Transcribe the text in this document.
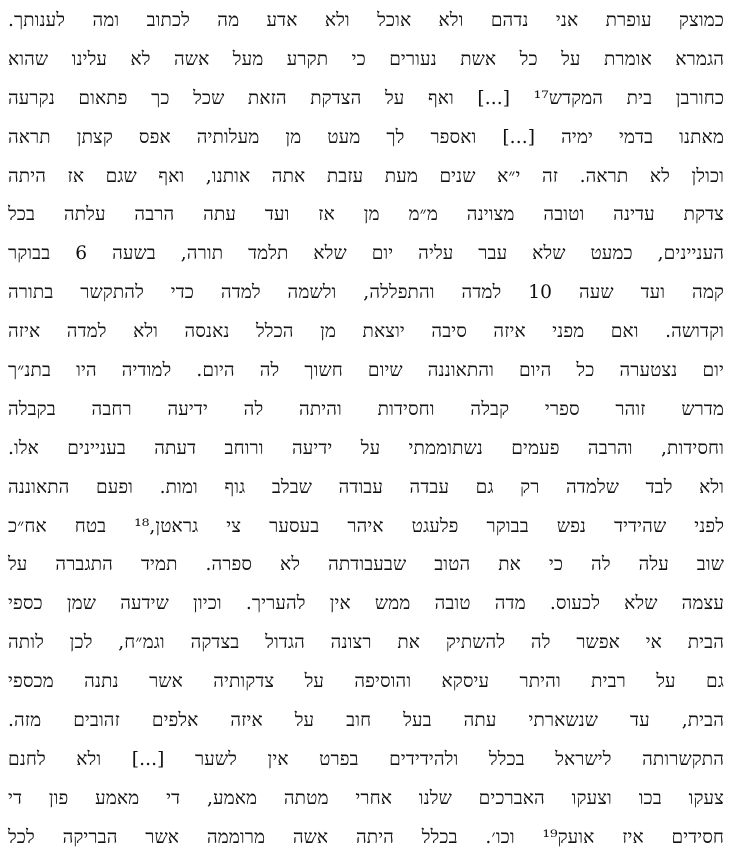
כמוצק עופרת אני נדהם ולא אוכל ולא אדע מה לכתוב ומה לענותך.
הגמרא אומרת על כל אשת נעורים כי תקרע מעל אשה לא עלינו שהוא
כחורבן בית המקדש¹⁷ [...] ואף על הצדקת הזאת שכל כך פתאום נקרעה
מאתנו בדמי ימיה [...] ואספר לך מעט מן מעלותיה אפס קצתן תראה
וכולן לא תראה. זה י״א שנים מעת עזבת אתה אותנו, ואף שגם אז היתה
צדקת עדינה וטובה מצוינה מ״מ מן אז ועד עתה הרבה עלתה בכל
העניינים, כמעט שלא עבר עליה יום שלא תלמד תורה, בשעה 6 בבוקר
קמה ועד שעה 10 למדה והתפללה, ולשמה למדה כדי להתקשר בתורה
וקדושה. ואם מפני איזה סיבה יוצאת מן הכלל נאנסה ולא למדה איזה
יום נצטערה כל היום והתאוננה שיום חשוך לה היום. למודיה היו בתנ״ך
מדרש זוהר ספרי קבלה וחסידות והיתה לה ידיעה רחבה בקבלה
וחסידות, והרבה פעמים נשתוממתי על ידיעה ורוחב דעתה בעניינים אלו.
ולא לבד שלמדה רק גם עבדה עבודה שבלב גוף ומות. ופעם התאוננה
לפני שהידיד נפש בבוקר פלעגט איהר בעסער צי גראטן,¹⁸ בטח אח״כ
שוב עלה לה כי את הטוב שבעבודתה לא ספרה. תמיד התגברה על
עצמה שלא לכעוס. מדה טובה ממש אין להעריך. וכיון שידעה שמן כספי
הבית אי אפשר לה להשתיק את רצונה הגדול בצדקה וגמ״ח, לכן לותה
גם על רבית והיתר עיסקא והוסיפה על צדקותיה אשר נתנה מכספי
הבית, עד שנשארתי עתה בעל חוב על איזה אלפים זהובים מזה.
התקשרותה לישראל בכלל ולהידידים בפרט אין לשער [...] ולא לחנם
צעקו בכו וצעקו האברכים שלנו אחרי מטתה מאמע, די מאמע פון די
חסידים איז אועק¹⁹ וכו׳. בכלל היתה אשה מרוממה אשר הבריקה לכל
